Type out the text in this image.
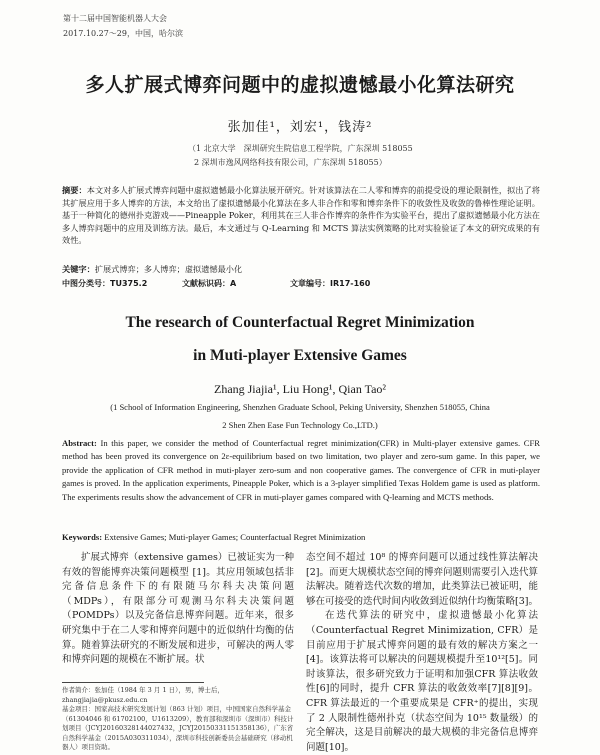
第十二届中国智能机器人大会
2017.10.27～29，中国，哈尔滨
多人扩展式博弈问题中的虚拟遗憾最小化算法研究
张加佳¹，刘宏¹，钱涛²
（1 北京大学　深圳研究生院信息工程学院，广东深圳 518055
2 深圳市逸风网络科技有限公司，广东深圳 518055）
摘要：本文对多人扩展式博弈问题中虚拟遗憾最小化算法展开研究。针对该算法在二人零和博弈的前提受设的理论限制性，拟出了将其扩展应用于多人博弈的方法，本文给出了虚拟遗憾最小化算法在多人非合作和零和博弈条件下的收敛性及收敛的鲁棒性理论证明。基于一种简化的德州扑克游戏——Pineapple Poker，利用其在三人非合作博弈的条件作为实验平台，提出了虚拟遗憾最小化方法在多人博弈问题中的应用及训练方法。最后，本文通过与 Q-Learning 和 MCTS 算法实例策略的比对实验验证了本文的研究成果的有效性。
关键字：扩展式博弈；多人博弈；虚拟遗憾最小化
中图分类号：TU375.2	文献标识码：A	文章编号：IR17-160
The research of Counterfactual Regret Minimization
in Muti-player Extensive Games
Zhang Jiajia¹, Liu Hong¹, Qian Tao²
(1 School of Information Engineering, Shenzhen Graduate School, Peking University, Shenzhen 518055, China
2 Shen Zhen Ease Fun Technology Co.,LTD.)
Abstract: In this paper, we consider the method of Counterfactual regret minimization(CFR) in Multi-player extensive games. CFR method has been proved its convergence on 2ε-equilibrium based on two limitation, two player and zero-sum game. In this paper, we provide the application of CFR method in muti-player zero-sum and non cooperative games. The convergence of CFR in muti-player games is proved. In the application experiments, Pineapple Poker, which is a 3-player simplified Texas Holdem game is used as platform. The experiments results show the advancement of CFR in muti-player games compared with Q-learning and MCTS methods.
Keywords: Extensive Games; Muti-player Games; Counterfactual Regret Minimization

扩展式博弈（extensive games）已被证实为一种有效的智能博弈决策问题模型 [1]。其应用领域包括非完备信息条件下的有限随马尔科夫决策问题（MDPs），有限部分可观测马尔科夫决策问题（POMDPs）以及完备信息博弈问题。近年来，很多研究集中于在二人零和博弈问题中的近似纳什均衡的估算。随着算法研究的不断发展和进步，可解决的两人零和博弈问题的规模在不断扩展。状

态空间不超过 10⁸ 的博弈问题可以通过线性算法解决[2]。而更大规模状态空间的博弈问题则需要引入迭代算法解决。随着迭代次数的增加，此类算法已被证明，能够在可接受的迭代时间内收敛到近似纳什均衡策略[3]。

在迭代算法的研究中，虚拟遗憾最小化算法（Counterfactual Regret Minimization, CFR）是目前应用于扩展式博弈问题的最有效的解决方案之一[4]。该算法将可以解决的问题规模提升至10¹²[5]。同时该算法，很多研究致力于证明和加强CFR 算法收敛性[6]的同时，提升 CFR 算法的收敛效率[7][8][9]。CFR 算法最近的一个重要成果是 CFR⁺的提出，实现了 2 人限制性德州扑克（状态空间为 10¹⁵ 数量级）的完全解决，这是目前解决的最大规模的非完备信息博弈问题[10]。

作者简介：张加佳（1984 年 3 月 1 日），男，博士后，zhangjiajia@pkusz.edu.cn
基金项目：国家高技术研究发展计划（863 计划）项目，中国国家自然科学基金（61304046 和 61702100，U1613209），教育部和深圳市（深圳市）科技计划项目（JCYJ20160328144027432，JCYJ20150331151358136），广东省自然科学基金（2015A030311034），深圳市科技创新委员会基础研究（移动机器人）项目资助。
